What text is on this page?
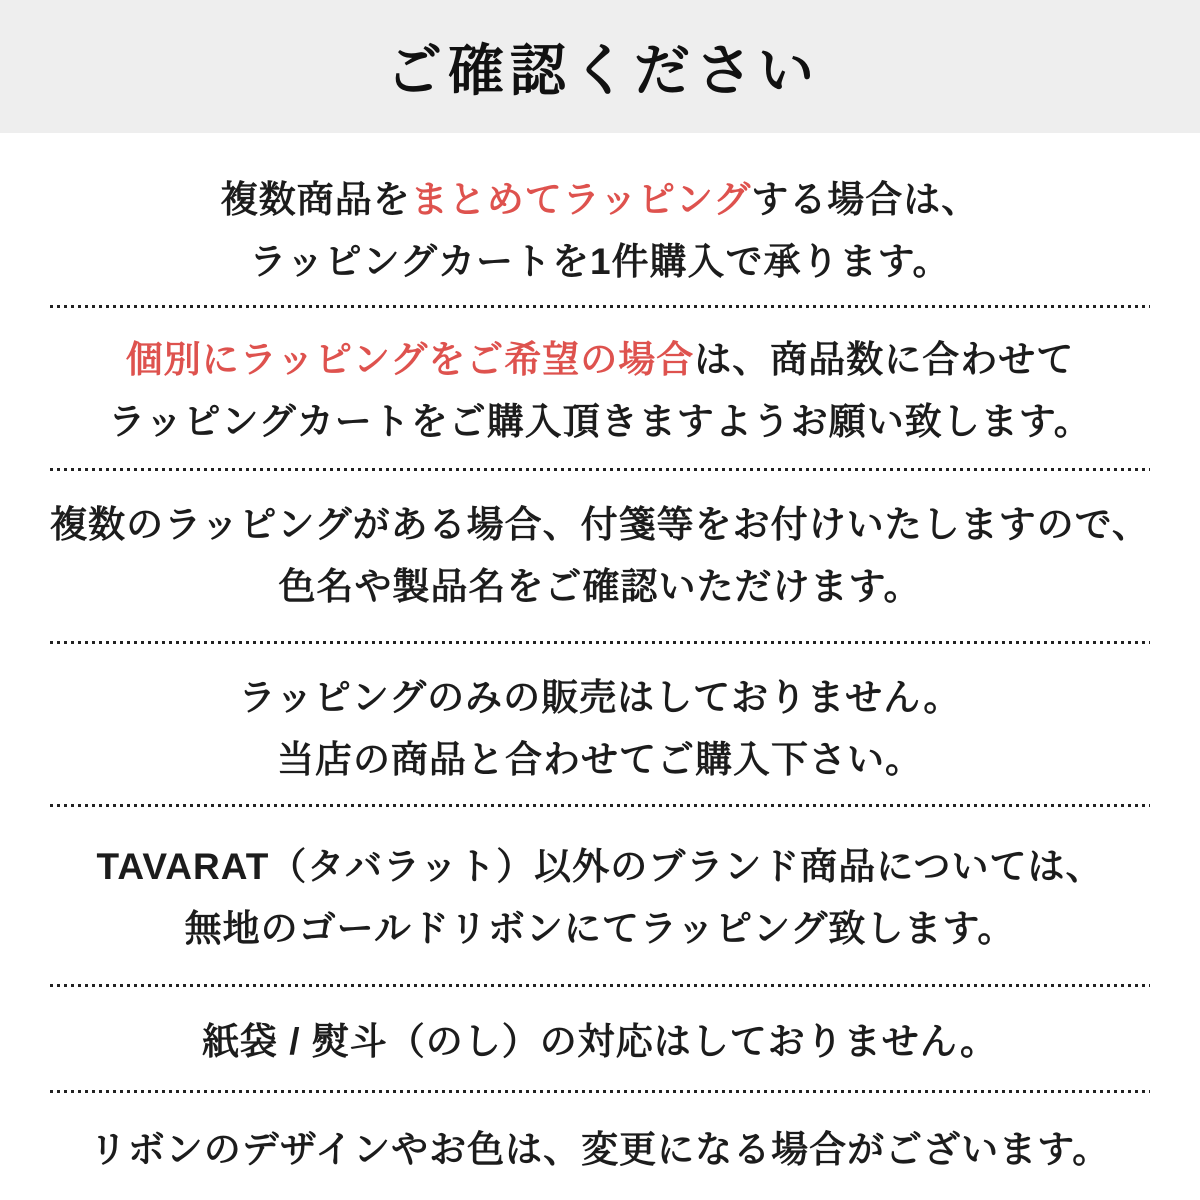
ご確認ください

複数商品をまとめてラッピングする場合は、
ラッピングカートを1件購入で承ります。

個別にラッピングをご希望の場合は、商品数に合わせて
ラッピングカートをご購入頂きますようお願い致します。

複数のラッピングがある場合、付箋等をお付けいたしますので、
色名や製品名をご確認いただけます。

ラッピングのみの販売はしておりません。
当店の商品と合わせてご購入下さい。

TAVARAT（タバラット）以外のブランド商品については、
無地のゴールドリボンにてラッピング致します。

紙袋 / 熨斗（のし）の対応はしておりません。

リボンのデザインやお色は、変更になる場合がございます。
